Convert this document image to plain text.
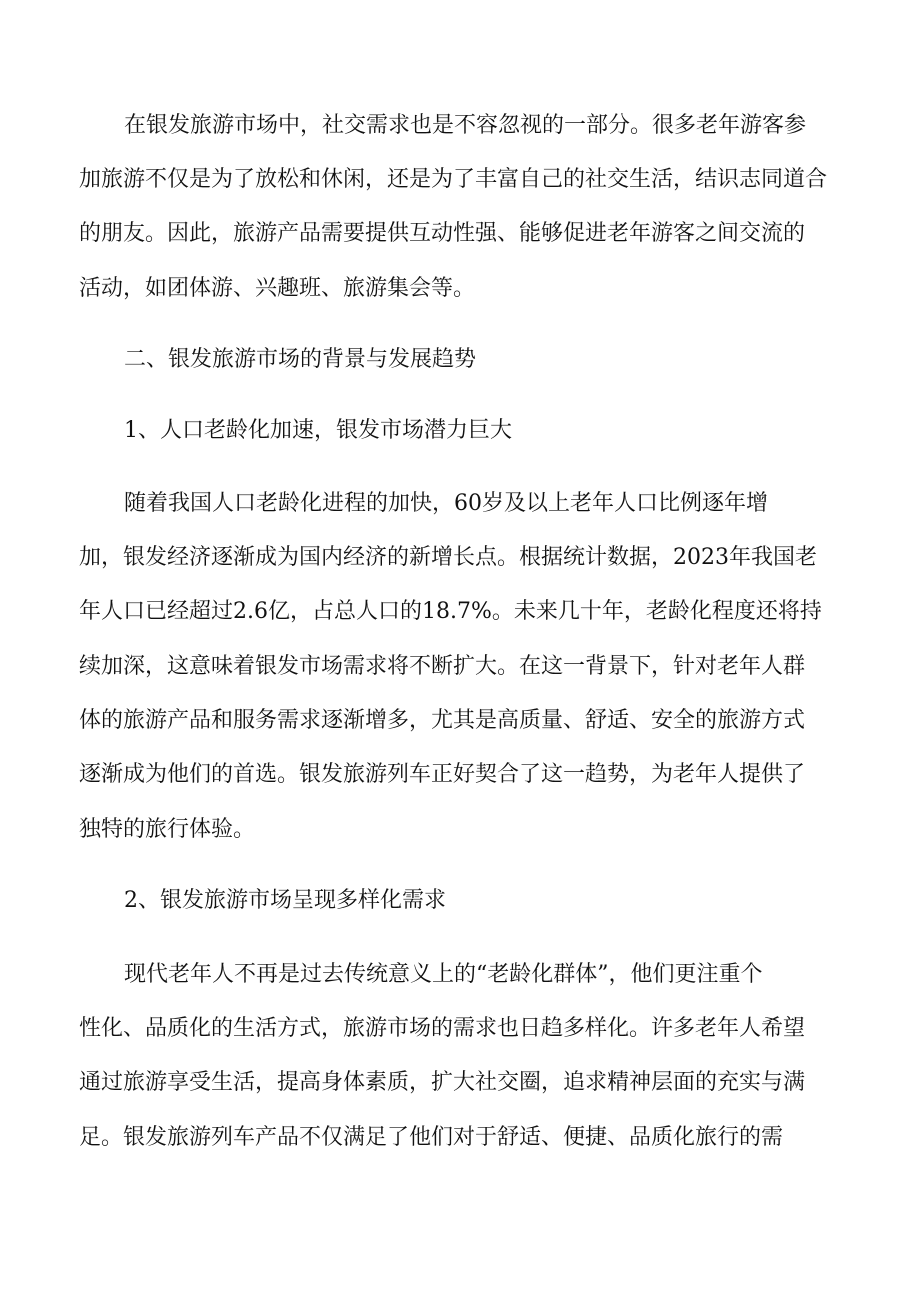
在银发旅游市场中，社交需求也是不容忽视的一部分。很多老年游客参
加旅游不仅是为了放松和休闲，还是为了丰富自己的社交生活，结识志同道合
的朋友。因此，旅游产品需要提供互动性强、能够促进老年游客之间交流的
活动，如团体游、兴趣班、旅游集会等。
二、银发旅游市场的背景与发展趋势
1、人口老龄化加速，银发市场潜力巨大
随着我国人口老龄化进程的加快，60岁及以上老年人口比例逐年增
加，银发经济逐渐成为国内经济的新增长点。根据统计数据，2023年我国老
年人口已经超过2.6亿，占总人口的18.7%。未来几十年，老龄化程度还将持
续加深，这意味着银发市场需求将不断扩大。在这一背景下，针对老年人群
体的旅游产品和服务需求逐渐增多，尤其是高质量、舒适、安全的旅游方式
逐渐成为他们的首选。银发旅游列车正好契合了这一趋势，为老年人提供了
独特的旅行体验。
2、银发旅游市场呈现多样化需求
现代老年人不再是过去传统意义上的“老龄化群体”，他们更注重个
性化、品质化的生活方式，旅游市场的需求也日趋多样化。许多老年人希望
通过旅游享受生活，提高身体素质，扩大社交圈，追求精神层面的充实与满
足。银发旅游列车产品不仅满足了他们对于舒适、便捷、品质化旅行的需
